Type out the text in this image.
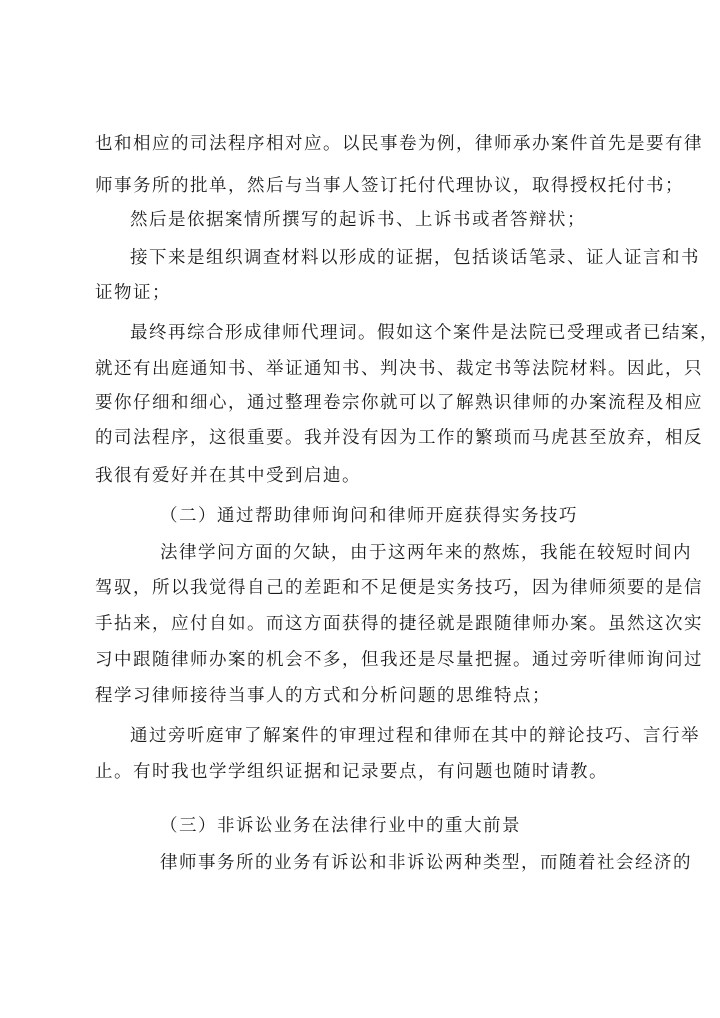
也和相应的司法程序相对应。以民事卷为例，律师承办案件首先是要有律
师事务所的批单，然后与当事人签订托付代理协议，取得授权托付书；
然后是依据案情所撰写的起诉书、上诉书或者答辩状；
接下来是组织调查材料以形成的证据，包括谈话笔录、证人证言和书
证物证；
最终再综合形成律师代理词。假如这个案件是法院已受理或者已结案，
就还有出庭通知书、举证通知书、判决书、裁定书等法院材料。因此，只
要你仔细和细心，通过整理卷宗你就可以了解熟识律师的办案流程及相应
的司法程序，这很重要。我并没有因为工作的繁琐而马虎甚至放弃，相反
我很有爱好并在其中受到启迪。
（二）通过帮助律师询问和律师开庭获得实务技巧
法律学问方面的欠缺，由于这两年来的熬炼，我能在较短时间内
驾驭，所以我觉得自己的差距和不足便是实务技巧，因为律师须要的是信
手拈来，应付自如。而这方面获得的捷径就是跟随律师办案。虽然这次实
习中跟随律师办案的机会不多，但我还是尽量把握。通过旁听律师询问过
程学习律师接待当事人的方式和分析问题的思维特点；
通过旁听庭审了解案件的审理过程和律师在其中的辩论技巧、言行举
止。有时我也学学组织证据和记录要点，有问题也随时请教。
（三）非诉讼业务在法律行业中的重大前景
律师事务所的业务有诉讼和非诉讼两种类型，而随着社会经济的
